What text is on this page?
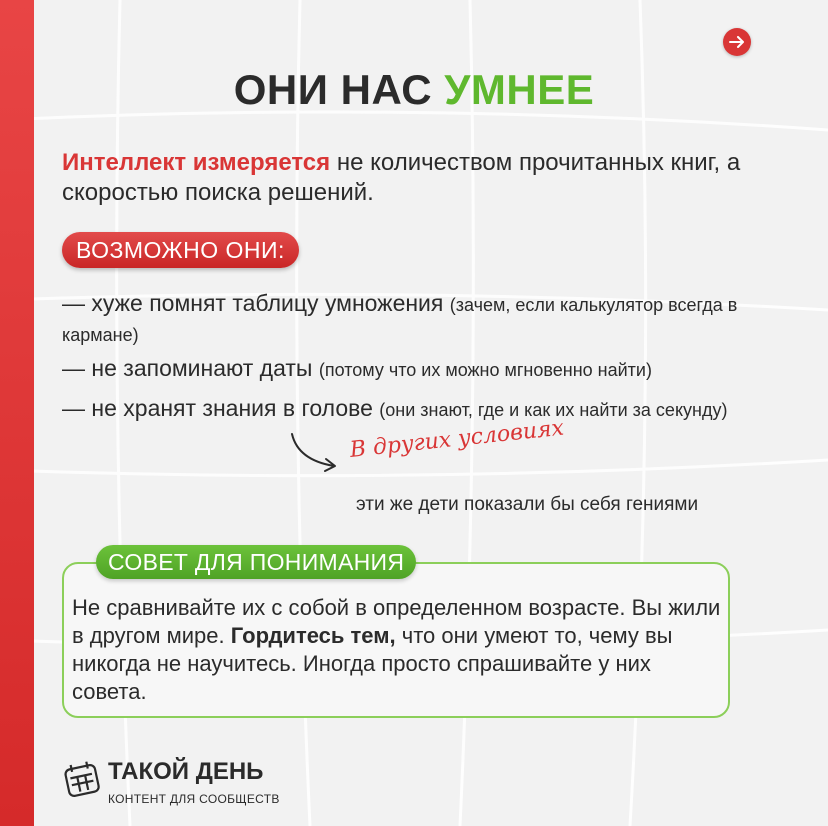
ОНИ НАС УМНЕЕ
Интеллект измеряется не количеством прочитанных книг, а скоростью поиска решений.
ВОЗМОЖНО ОНИ:
— хуже помнят таблицу умножения (зачем, если калькулятор всегда в кармане)
— не запоминают даты (потому что их можно мгновенно найти)
— не хранят знания в голове (они знают, где и как их найти за секунду)
В других условиях
эти же дети показали бы себя гениями
СОВЕТ ДЛЯ ПОНИМАНИЯ
Не сравнивайте их с собой в определенном возрасте. Вы жили в другом мире. Гордитесь тем, что они умеют то, чему вы никогда не научитесь. Иногда просто спрашивайте у них совета.
ТАКОЙ ДЕНЬ
КОНТЕНТ ДЛЯ СООБЩЕСТВ
